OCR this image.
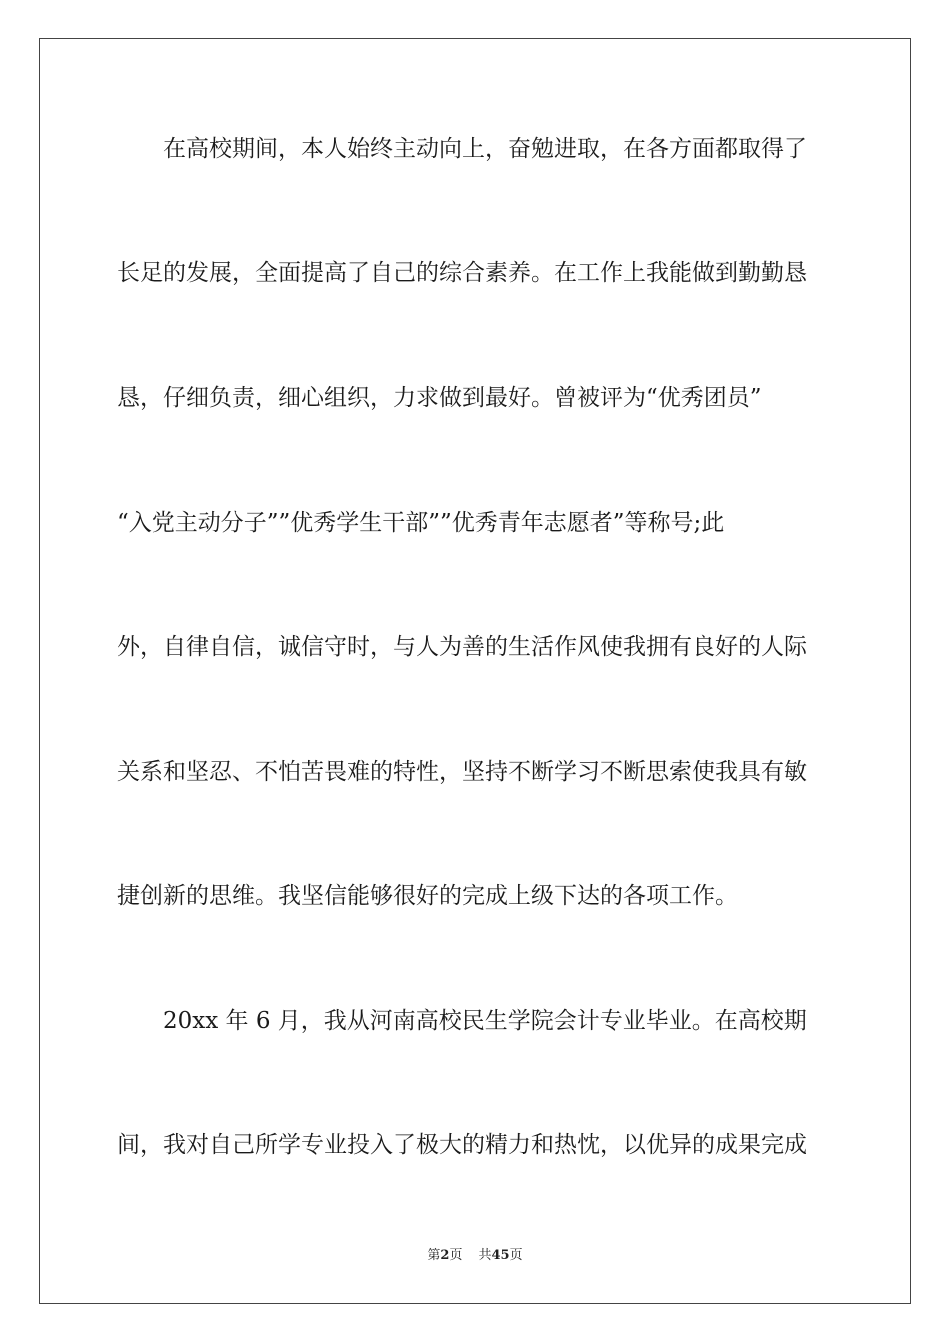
　　在高校期间，本人始终主动向上，奋勉进取，在各方面都取得了
长足的发展，全面提高了自己的综合素养。在工作上我能做到勤勤恳
恳，仔细负责，细心组织，力求做到最好。曾被评为“优秀团员”
“入党主动分子””优秀学生干部””优秀青年志愿者”等称号;此
外，自律自信，诚信守时，与人为善的生活作风使我拥有良好的人际
关系和坚忍、不怕苦畏难的特性，坚持不断学习不断思索使我具有敏
捷创新的思维。我坚信能够很好的完成上级下达的各项工作。
　　20xx 年 6 月，我从河南高校民生学院会计专业毕业。在高校期
间，我对自己所学专业投入了极大的精力和热忱，以优异的成果完成
第2页 共45页
